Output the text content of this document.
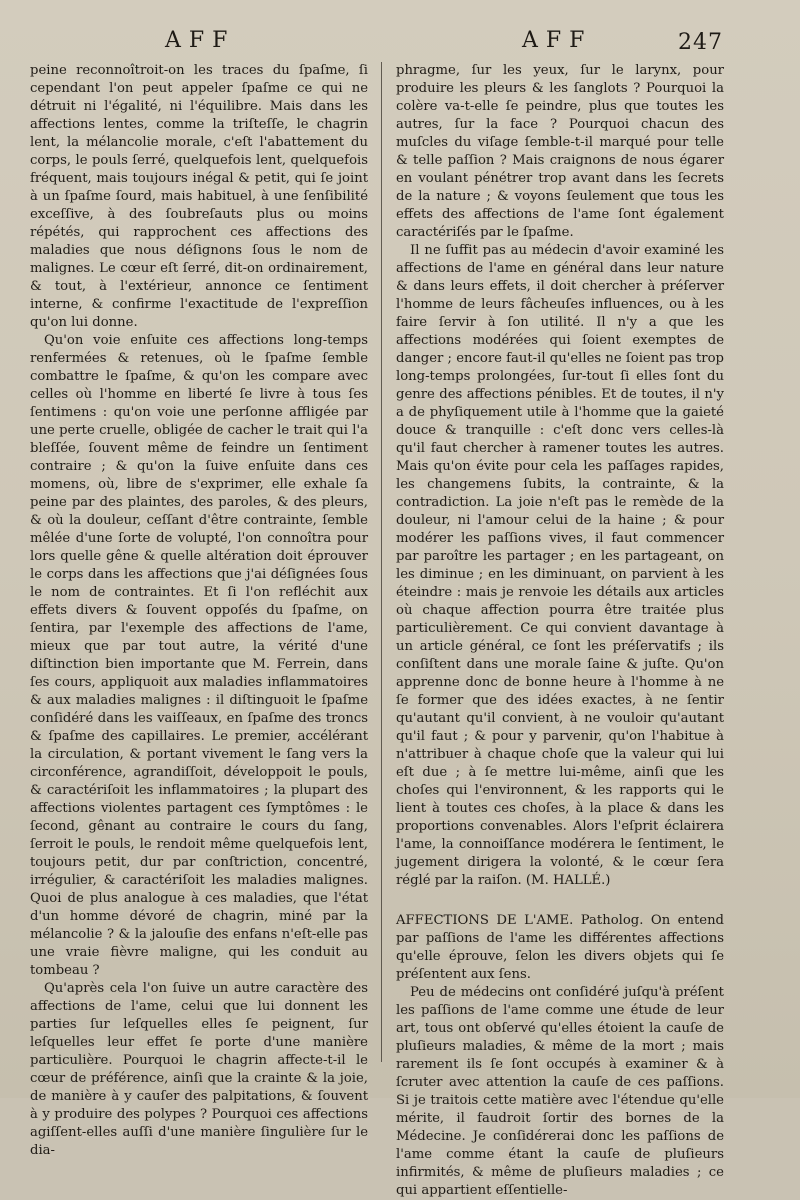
AFF	AFF	247

peine reconnoîtroit-on les traces du ſpaſme, ſi cependant l'on peut appeler ſpaſme ce qui ne détruit ni l'égalité, ni l'équilibre. Mais dans les affections lentes, comme la triſteſſe, le chagrin lent, la mélancolie morale, c'eſt l'abattement du corps, le pouls ſerré, quelquefois lent, quelquefois fréquent, mais toujours inégal & petit, qui ſe joint à un ſpaſme ſourd, mais habituel, à une ſenſibilité exceſſive, à des ſoubreſauts plus ou moins répétés, qui rapprochent ces affections des maladies que nous déſignons ſous le nom de malignes. Le cœur eſt ſerré, dit-on ordinairement, & tout, à l'extérieur, annonce ce ſentiment interne, & confirme l'exactitude de l'expreſſion qu'on lui donne.

Qu'on voie enſuite ces affections long-temps renfermées & retenues, où le ſpaſme ſemble combattre le ſpaſme, & qu'on les compare avec celles où l'homme en liberté ſe livre à tous ſes ſentimens : qu'on voie une perſonne affligée par une perte cruelle, obligée de cacher le trait qui l'a bleſſée, ſouvent même de feindre un ſentiment contraire ; & qu'on la ſuive enſuite dans ces momens, où, libre de s'exprimer, elle exhale ſa peine par des plaintes, des paroles, & des pleurs, & où la douleur, ceſſant d'être contrainte, ſemble mêlée d'une ſorte de volupté, l'on connoîtra pour lors quelle gêne & quelle altération doit éprouver le corps dans les affections que j'ai déſignées ſous le nom de contraintes. Et ſi l'on refléchit aux effets divers & ſouvent oppoſés du ſpaſme, on ſentira, par l'exemple des affections de l'ame, mieux que par tout autre, la vérité d'une diſtinction bien importante que M. Ferrein, dans ſes cours, appliquoit aux maladies inflammatoires & aux maladies malignes : il diſtinguoit le ſpaſme conſidéré dans les vaiſſeaux, en ſpaſme des troncs & ſpaſme des capillaires. Le premier, accélérant la circulation, & portant vivement le ſang vers la circonférence, agrandiſſoit, développoit le pouls, & caractériſoit les inflammatoires ; la plupart des affections violentes partagent ces ſymptômes : le ſecond, gênant au contraire le cours du ſang, ſerroit le pouls, le rendoit même quelquefois lent, toujours petit, dur par conſtriction, concentré, irrégulier, & caractériſoit les maladies malignes. Quoi de plus analogue à ces maladies, que l'état d'un homme dévoré de chagrin, miné par la mélancolie ? & la jalouſie des enfans n'eſt-elle pas une vraie fièvre maligne, qui les conduit au tombeau ?

Qu'après cela l'on ſuive un autre caractère des affections de l'ame, celui que lui donnent les parties ſur leſquelles elles ſe peignent, ſur leſquelles leur effet ſe porte d'une manière particulière. Pourquoi le chagrin affecte-t-il le cœur de préférence, ainſi que la crainte & la joie, de manière à y cauſer des palpitations, & ſouvent à y produire des polypes ? Pourquoi ces affections agiſſent-elles auſſi d'une manière ſingulière ſur le dia-

phragme, ſur les yeux, ſur le larynx, pour produire les pleurs & les ſanglots ? Pourquoi la colère va-t-elle ſe peindre, plus que toutes les autres, ſur la face ? Pourquoi chacun des muſcles du viſage ſemble-t-il marqué pour telle & telle paſſion ? Mais craignons de nous égarer en voulant pénétrer trop avant dans les ſecrets de la nature ; & voyons ſeulement que tous les effets des affections de l'ame ſont également caractériſés par le ſpaſme.

Il ne ſuffit pas au médecin d'avoir examiné les affections de l'ame en général dans leur nature & dans leurs effets, il doit chercher à préſerver l'homme de leurs fâcheuſes influences, ou à les faire ſervir à ſon utilité. Il n'y a que les affections modérées qui ſoient exemptes de danger ; encore faut-il qu'elles ne ſoient pas trop long-temps prolongées, ſur-tout ſi elles ſont du genre des affections pénibles. Et de toutes, il n'y a de phyſiquement utile à l'homme que la gaieté douce & tranquille : c'eſt donc vers celles-là qu'il faut chercher à ramener toutes les autres. Mais qu'on évite pour cela les paſſages rapides, les changemens ſubits, la contrainte, & la contradiction. La joie n'eſt pas le remède de la douleur, ni l'amour celui de la haine ; & pour modérer les paſſions vives, il faut commencer par paroître les partager ; en les partageant, on les diminue ; en les diminuant, on parvient à les éteindre : mais je renvoie les détails aux articles où chaque affection pourra être traitée plus particulièrement. Ce qui convient davantage à un article général, ce ſont les préſervatifs ; ils conſiſtent dans une morale ſaine & juſte. Qu'on apprenne donc de bonne heure à l'homme à ne ſe former que des idées exactes, à ne ſentir qu'autant qu'il convient, à ne vouloir qu'autant qu'il faut ; & pour y parvenir, qu'on l'habitue à n'attribuer à chaque choſe que la valeur qui lui eſt due ; à ſe mettre lui-même, ainſi que les choſes qui l'environnent, & les rapports qui le lient à toutes ces choſes, à la place & dans les proportions convenables. Alors l'eſprit éclairera l'ame, la connoiſſance modérera le ſentiment, le jugement dirigera la volonté, & le cœur ſera réglé par la raiſon. (M. HALLÉ.)

AFFECTIONS DE L'AME. Patholog. On entend par paſſions de l'ame les différentes affections qu'elle éprouve, ſelon les divers objets qui ſe préſentent aux ſens.

Peu de médecins ont conſidéré juſqu'à préſent les paſſions de l'ame comme une étude de leur art, tous ont obſervé qu'elles étoient la cauſe de pluſieurs maladies, & même de la mort ; mais rarement ils ſe ſont occupés à examiner & à ſcruter avec attention la cauſe de ces paſſions. Si je traitois cette matière avec l'étendue qu'elle mérite, il faudroit ſortir des bornes de la Médecine. Je conſidérerai donc les paſſions de l'ame comme étant la cauſe de pluſieurs infirmités, & même de pluſieurs maladies ; ce qui appartient eſſentielle-
